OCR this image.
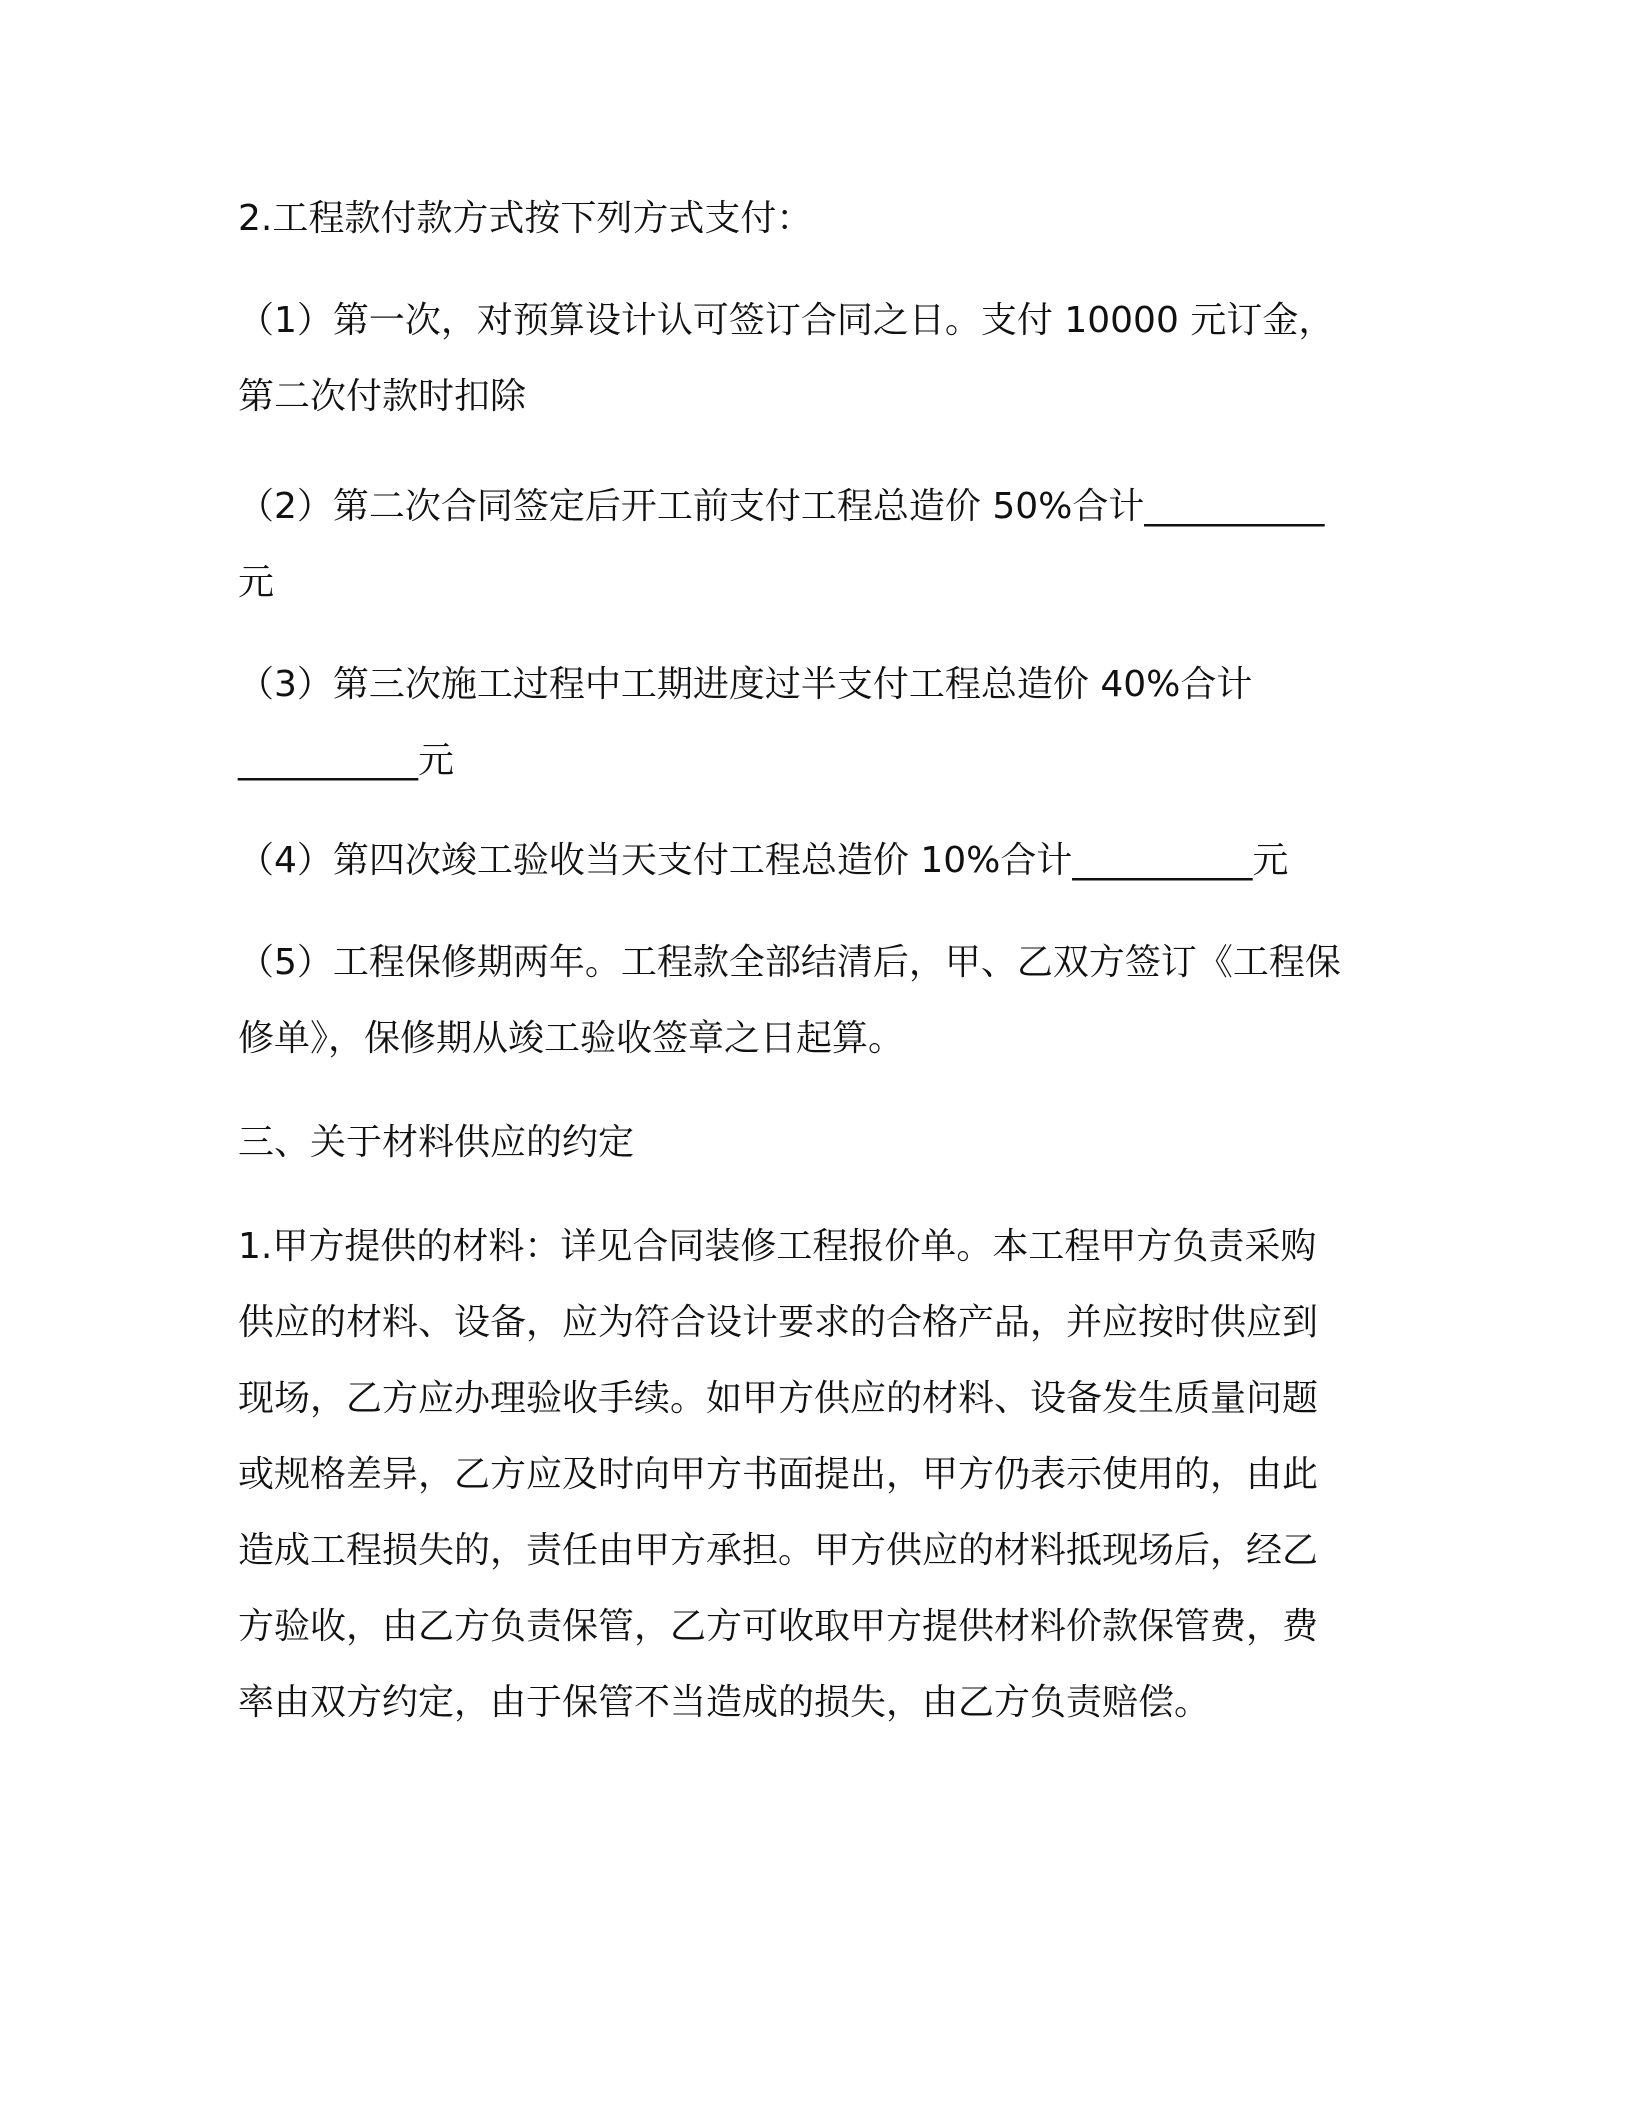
2.工程款付款方式按下列方式支付：

（1）第一次，对预算设计认可签订合同之日。支付 10000 元订金，

第二次付款时扣除

（2）第二次合同签定后开工前支付工程总造价 50%合计__________

元

（3）第三次施工过程中工期进度过半支付工程总造价 40%合计

__________元

（4）第四次竣工验收当天支付工程总造价 10%合计__________元

（5）工程保修期两年。工程款全部结清后，甲、乙双方签订《工程保

修单》，保修期从竣工验收签章之日起算。

三、关于材料供应的约定

1.甲方提供的材料：详见合同装修工程报价单。本工程甲方负责采购

供应的材料、设备，应为符合设计要求的合格产品，并应按时供应到

现场，乙方应办理验收手续。如甲方供应的材料、设备发生质量问题

或规格差异，乙方应及时向甲方书面提出，甲方仍表示使用的，由此

造成工程损失的，责任由甲方承担。甲方供应的材料抵现场后，经乙

方验收，由乙方负责保管，乙方可收取甲方提供材料价款保管费，费

率由双方约定，由于保管不当造成的损失，由乙方负责赔偿。
